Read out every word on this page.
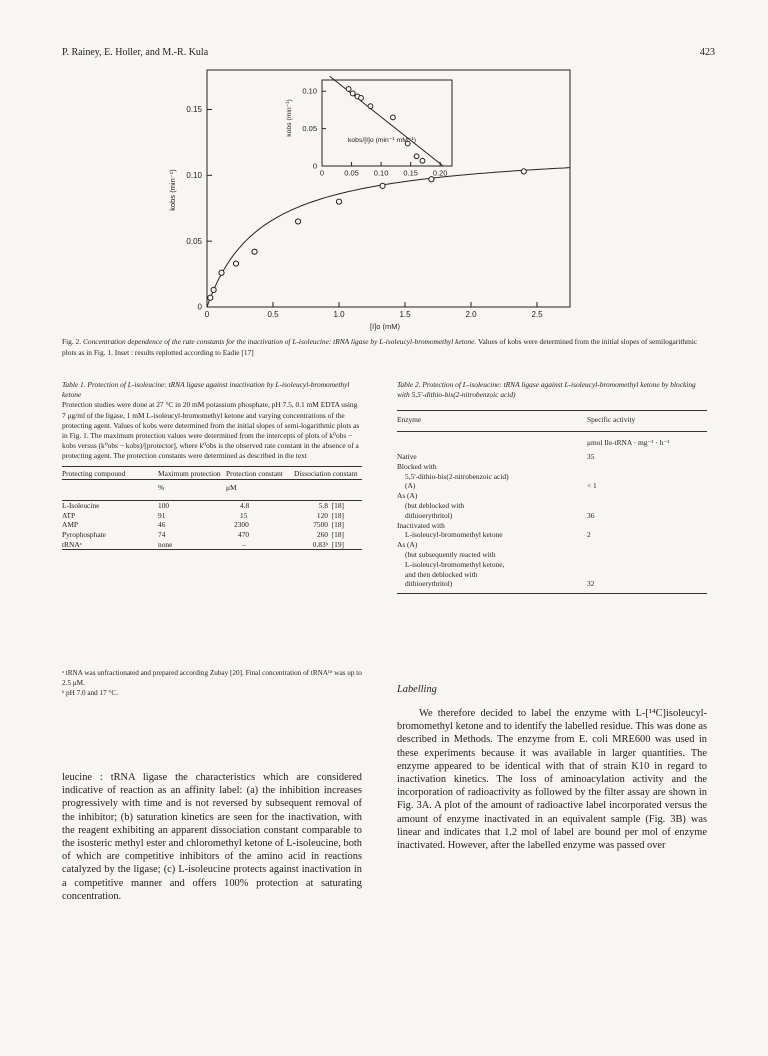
P. Rainey, E. Holler, and M.-R. Kula	423
0	0.5	1.0	1.5	2.0	2.5
0
0.05
0.10
0.15
[I]o (mM)
kobs (min⁻¹)	0	0.05 0.10 0.15 0.20
0
0.05
0.10
kobs/[I]o (min⁻¹ mM⁻¹)
kobs (min⁻¹)
Fig. 2. Concentration dependence of the rate constants for the inactivation of L-isoleucine: tRNA ligase by L-isoleucyl-bromomethyl ketone. Values of kobs were determined from the initial slopes of semilogarithmic plots as in Fig. 1. Inset : results replotted according to Eadie [17]
Table 1. Protection of L-isoleucine: tRNA ligase against inactivation by L-isoleucyl-bromomethyl ketone
Protection studies were done at 27 °C in 20 mM potassium phosphate, pH 7.5, 0.1 mM EDTA using 7 μg/ml of the ligase, 1 mM L-isoleucyl-bromomethyl ketone and varying concentrations of the protecting agent. Values of kobs were determined from the initial slopes of semi-logarithmic plots as in Fig. 1. The maximum protection values were determined from the intercepts of plots of k⁰obs − kobs versus (k⁰obs − kobs)/[protector], where k⁰obs is the observed rate constant in the absence of a protecting agent. The protection constants were determined as described in the text
Protecting compound	Maximum protection	Protection constant	Dissociation constant
	%	μM	
L-Isoleucine	100	4.8	5.8 [18]
ATP	91	15	120 [18]
AMP	46	2300	7500 [18]
Pyrophosphate	74	470	260 [18]
tRNAᵃ	none	–	0.83ᵇ [19]

ᵃ tRNA was unfractionated and prepared according Zubay [20]. Final concentration of tRNAᴵˡᵉ was up to 2.5 μM.
ᵇ pH 7.0 and 17 °C.
Table 2. Protection of L-isoleucine: tRNA ligase against L-isoleucyl-bromomethyl ketone by blocking with 5,5'-dithio-bis(2-nitrobenzoic acid)
Enzyme	Specific activity
	μmol Ile-tRNA · mg⁻¹ · h⁻¹
Native	35

Blocked with
5,5'-dithio-bis(2-nitrobenzoic acid)
(A)	< 1

As (A)
(but deblocked with
dithioerythritol)	36

Inactivated with
L-isoleucyl-bromomethyl ketone	2

As (A)
(but subsequently reacted with
L-isoleucyl-bromomethyl ketone,
and then deblocked with
dithioerythritol)	32
Labelling

leucine : tRNA ligase the characteristics which are considered indicative of reaction as an affinity label: (a) the inhibition increases progressively with time and is not reversed by subsequent removal of the inhibitor; (b) saturation kinetics are seen for the inactivation, with the reagent exhibiting an apparent dissociation constant comparable to the isosteric methyl ester and chloromethyl ketone of L-isoleucine, both of which are competitive inhibitors of the amino acid in reactions catalyzed by the ligase; (c) L-isoleucine protects against inactivation in a competitive manner and offers 100% protection at saturating concentration.

We therefore decided to label the enzyme with L-[¹⁴C]isoleucyl-bromomethyl ketone and to identify the labelled residue. This was done as described in Methods. The enzyme from E. coli MRE600 was used in these experiments because it was available in larger quantities. The enzyme appeared to be identical with that of strain K10 in regard to inactivation kinetics. The loss of aminoacylation activity and the incorporation of radioactivity as followed by the filter assay are shown in Fig. 3A. A plot of the amount of radioactive label incorporated versus the amount of enzyme inactivated in an equivalent sample (Fig. 3B) was linear and indicates that 1.2 mol of label are bound per mol of enzyme inactivated. However, after the labelled enzyme was passed over
